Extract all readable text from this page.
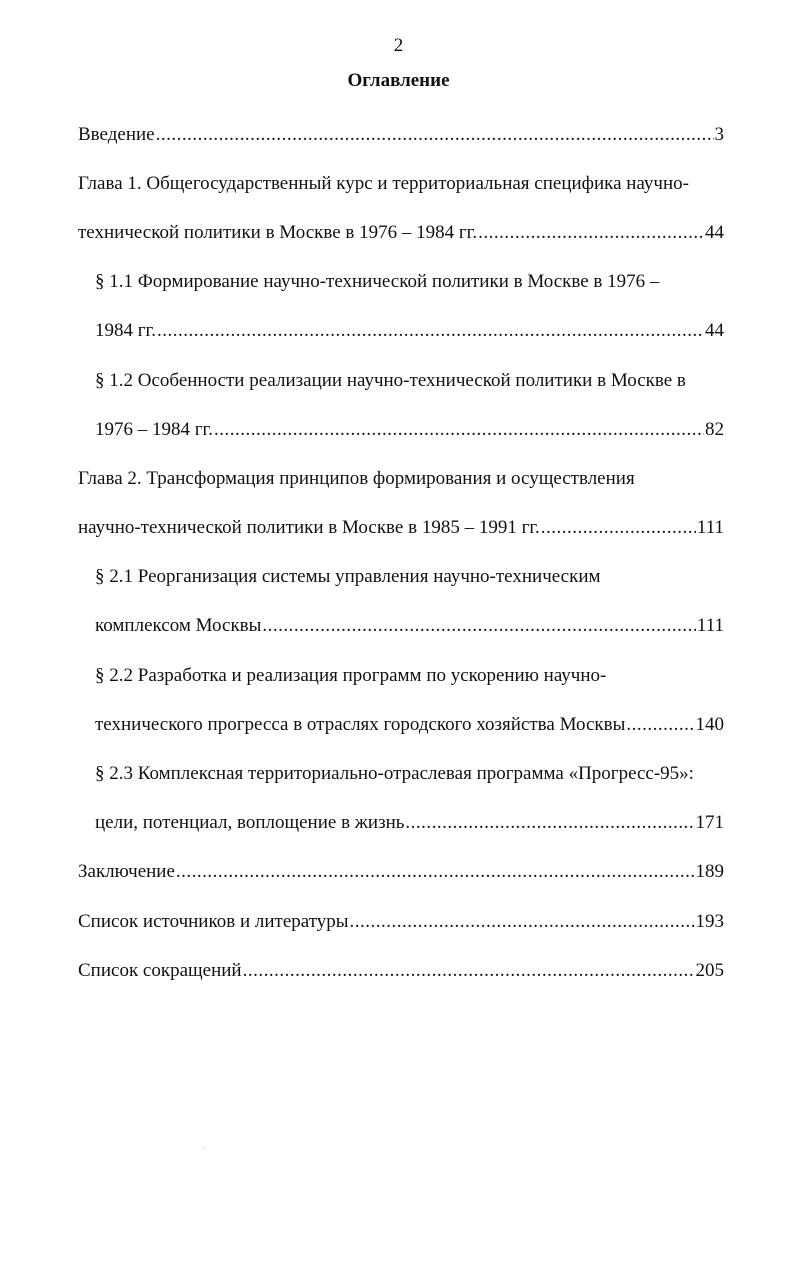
2
Оглавление
Введение .....	3
Глава 1. Общегосударственный курс и территориальная специфика научно-
технической политики в Москве в 1976 – 1984 гг. .....	44
§ 1.1 Формирование научно-технической политики в Москве в 1976 –
1984 гг. .....	44
§ 1.2 Особенности реализации научно-технической политики в Москве в
1976 – 1984 гг. .....	82
Глава 2. Трансформация принципов формирования и осуществления
научно-технической политики в Москве в 1985 – 1991 гг. .....	111
§ 2.1 Реорганизация системы управления научно-техническим
комплексом Москвы .....	111
§ 2.2 Разработка и реализация программ по ускорению научно-
технического прогресса в отраслях городского хозяйства Москвы .....	140
§ 2.3 Комплексная территориально-отраслевая программа «Прогресс-95»:
цели, потенциал, воплощение в жизнь .....	171
Заключение .....	189
Список источников и литературы .....	193
Список сокращений .....	205
